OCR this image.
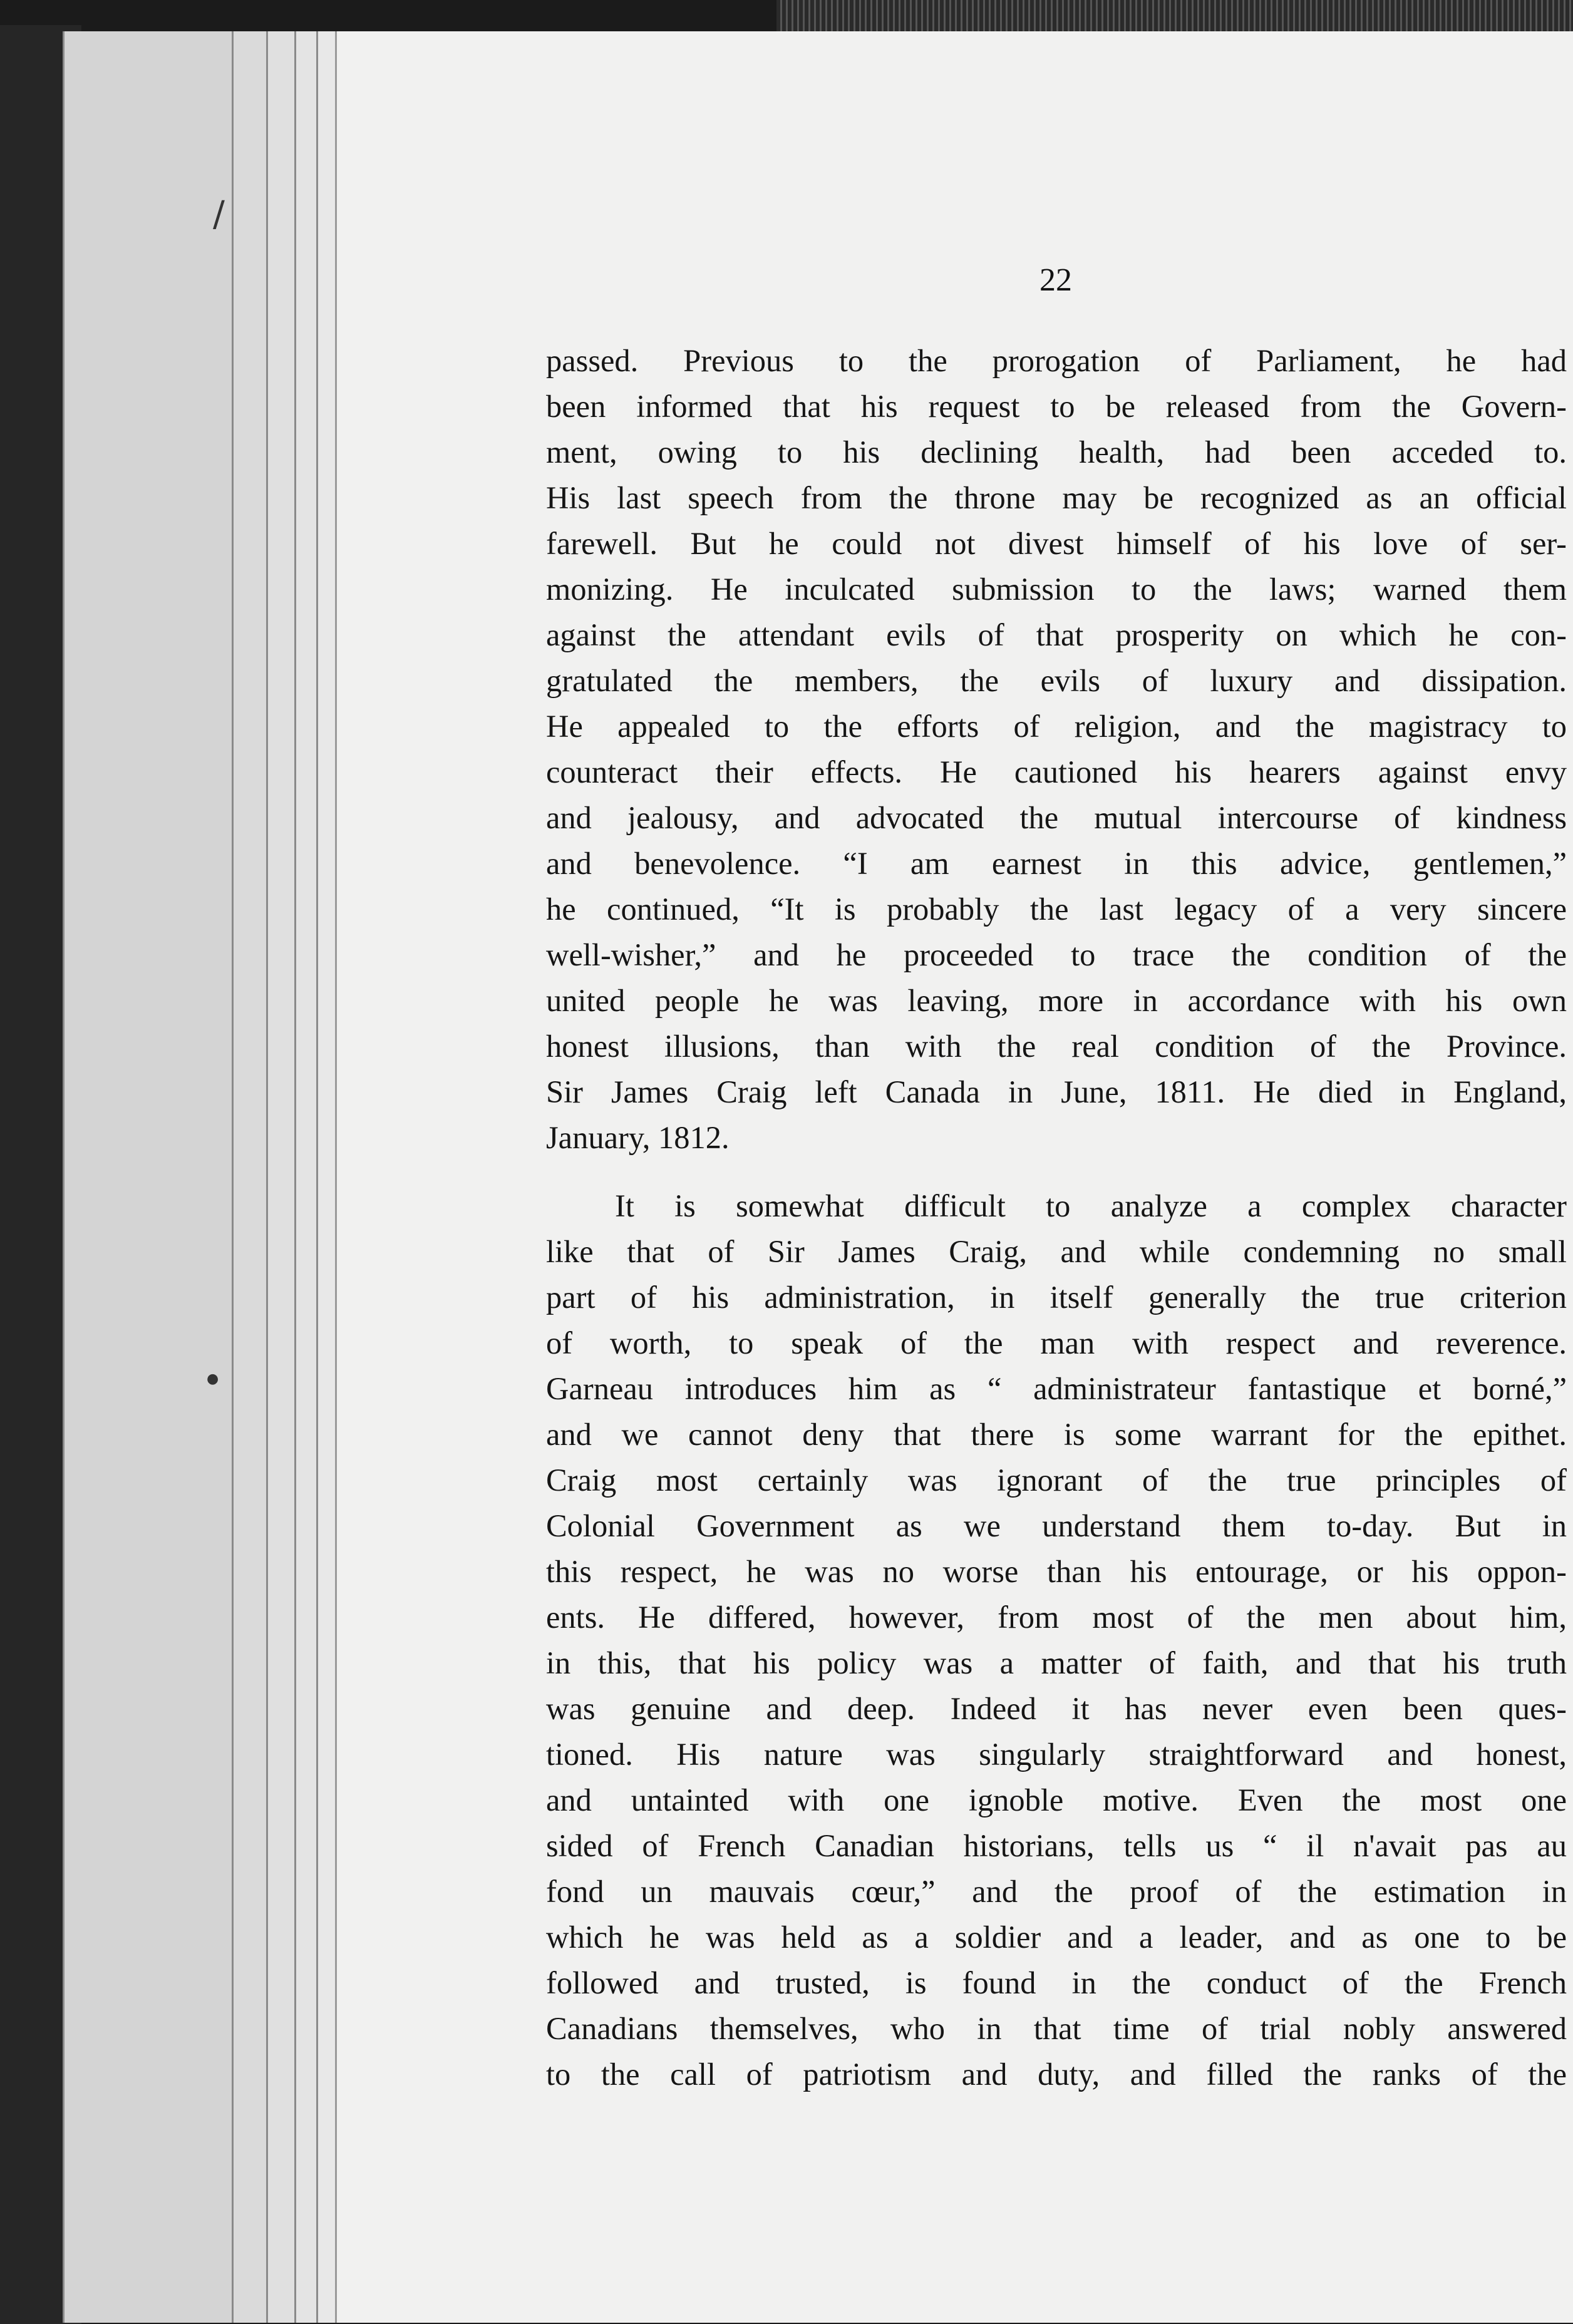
/
●
22
passed. Previous to the prorogation of Parliament, he had
been informed that his request to be released from the Govern-
ment, owing to his declining health, had been acceded to.
His last speech from the throne may be recognized as an official
farewell. But he could not divest himself of his love of ser-
monizing. He inculcated submission to the laws; warned them
against the attendant evils of that prosperity on which he con-
gratulated the members, the evils of luxury and dissipation.
He appealed to the efforts of religion, and the magistracy to
counteract their effects. He cautioned his hearers against envy
and jealousy, and advocated the mutual intercourse of kindness
and benevolence. “I am earnest in this advice, gentlemen,”
he continued, “It is probably the last legacy of a very sincere
well-wisher,” and he proceeded to trace the condition of the
united people he was leaving, more in accordance with his own
honest illusions, than with the real condition of the Province.
Sir James Craig left Canada in June, 1811. He died in England,
January, 1812.
It is somewhat difficult to analyze a complex character
like that of Sir James Craig, and while condemning no small
part of his administration, in itself generally the true criterion
of worth, to speak of the man with respect and reverence.
Garneau introduces him as “ administrateur fantastique et borné,”
and we cannot deny that there is some warrant for the epithet.
Craig most certainly was ignorant of the true principles of
Colonial Government as we understand them to-day. But in
this respect, he was no worse than his entourage, or his oppon-
ents. He differed, however, from most of the men about him,
in this, that his policy was a matter of faith, and that his truth
was genuine and deep. Indeed it has never even been ques-
tioned. His nature was singularly straightforward and honest,
and untainted with one ignoble motive. Even the most one
sided of French Canadian historians, tells us “ il n'avait pas au
fond un mauvais cœur,” and the proof of the estimation in
which he was held as a soldier and a leader, and as one to be
followed and trusted, is found in the conduct of the French
Canadians themselves, who in that time of trial nobly answered
to the call of patriotism and duty, and filled the ranks of the
